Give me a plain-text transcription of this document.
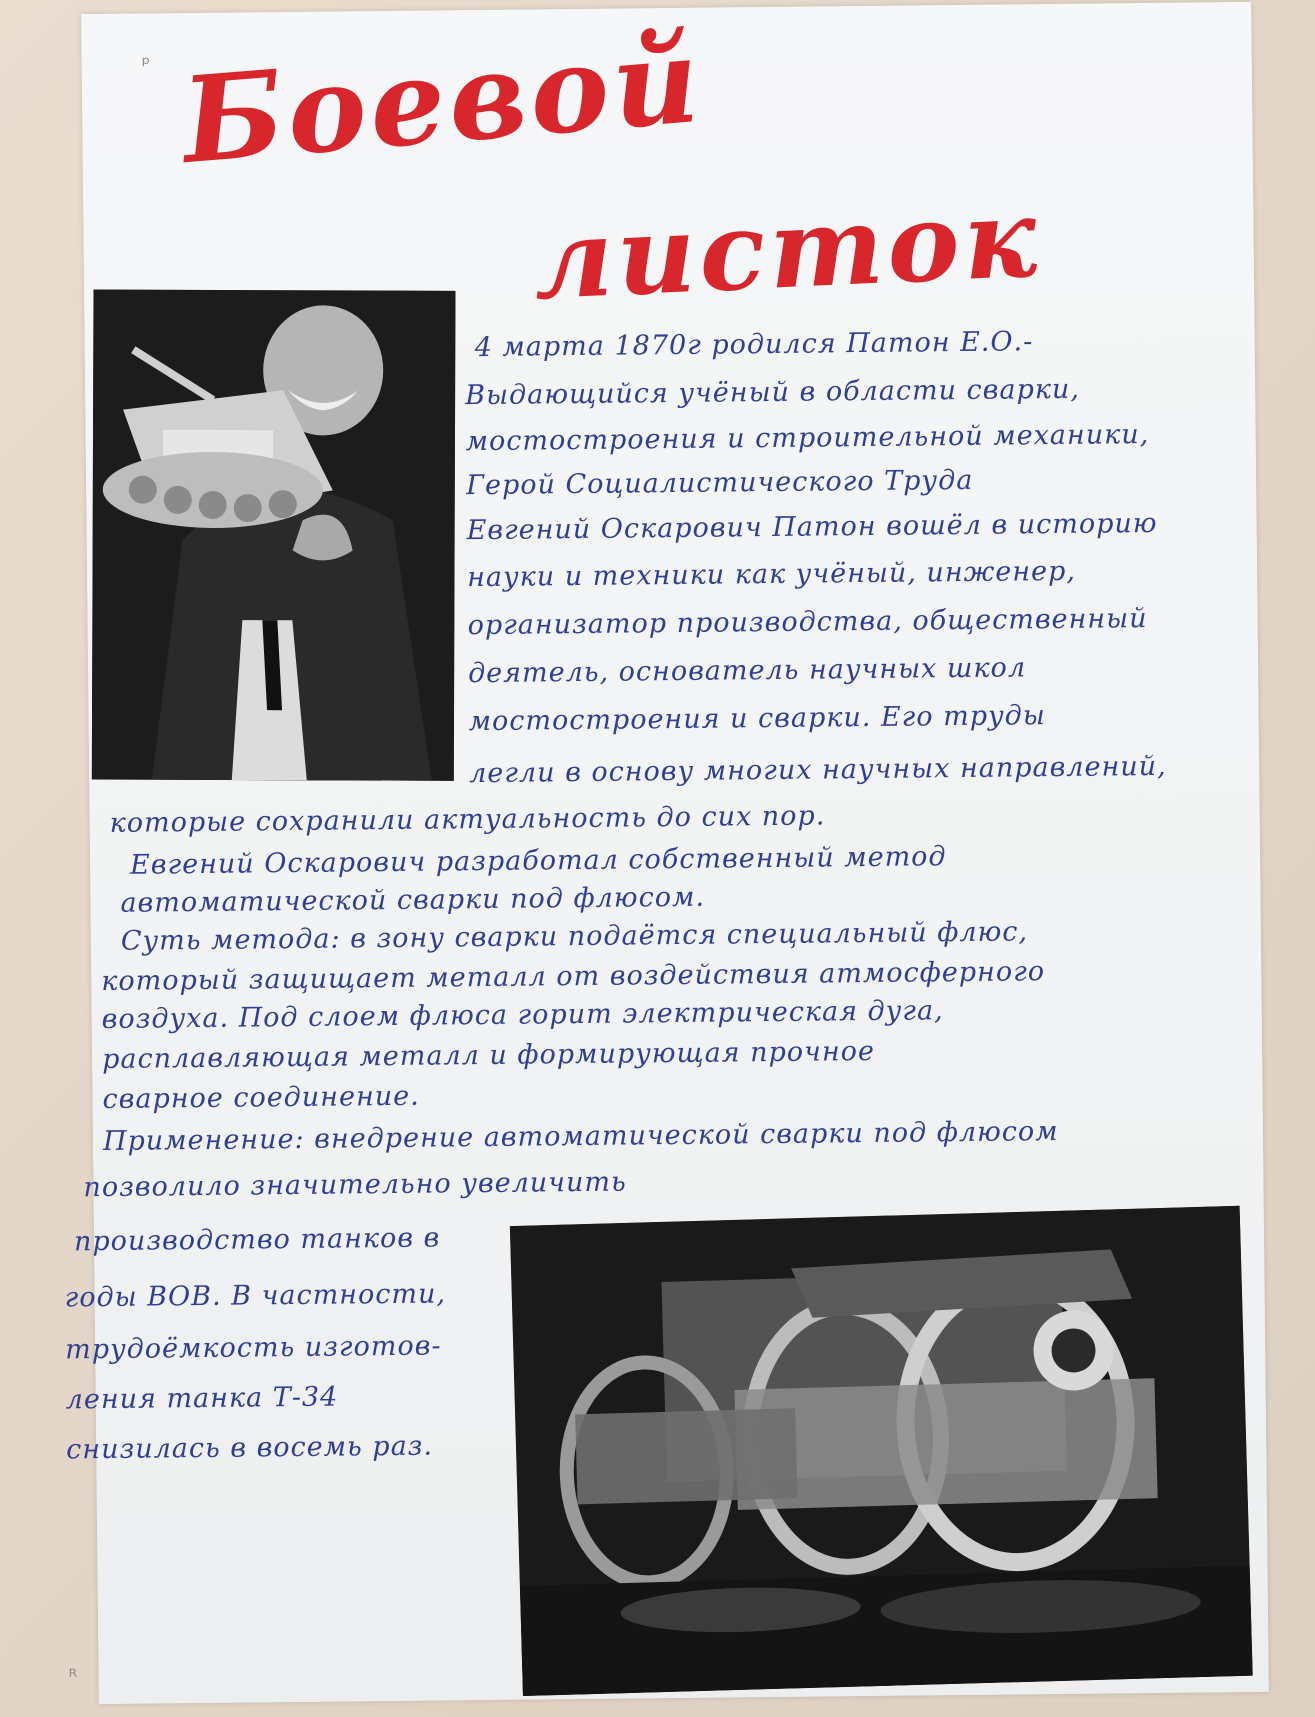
ᵖ Боевой
листок

4 марта 1870г родился Патон Е.О.-

Выдающийся учёный в области сварки,

мостостроения и строительной механики,

Герой Социалистического Труда

Евгений Оскарович Патон вошёл в историю

науки и техники как учёный, инженер,

организатор производства, общественный

деятель, основатель научных школ

мостостроения и сварки. Его труды

легли в основу многих научных направлений,

которые сохранили актуальность до сих пор.

Евгений Оскарович разработал собственный метод

автоматической сварки под флюсом.

Суть метода: в зону сварки подаётся специальный флюс,

который защищает металл от воздействия атмосферного

воздуха. Под слоем флюса горит электрическая дуга,

расплавляющая металл и формирующая прочное

сварное соединение.

Применение: внедрение автоматической сварки под флюсом

позволило значительно увеличить

производство танков в

годы ВОВ. В частности,

трудоёмкость изготов-

ления танка Т-34

снизилась в восемь раз.

ᴿ
